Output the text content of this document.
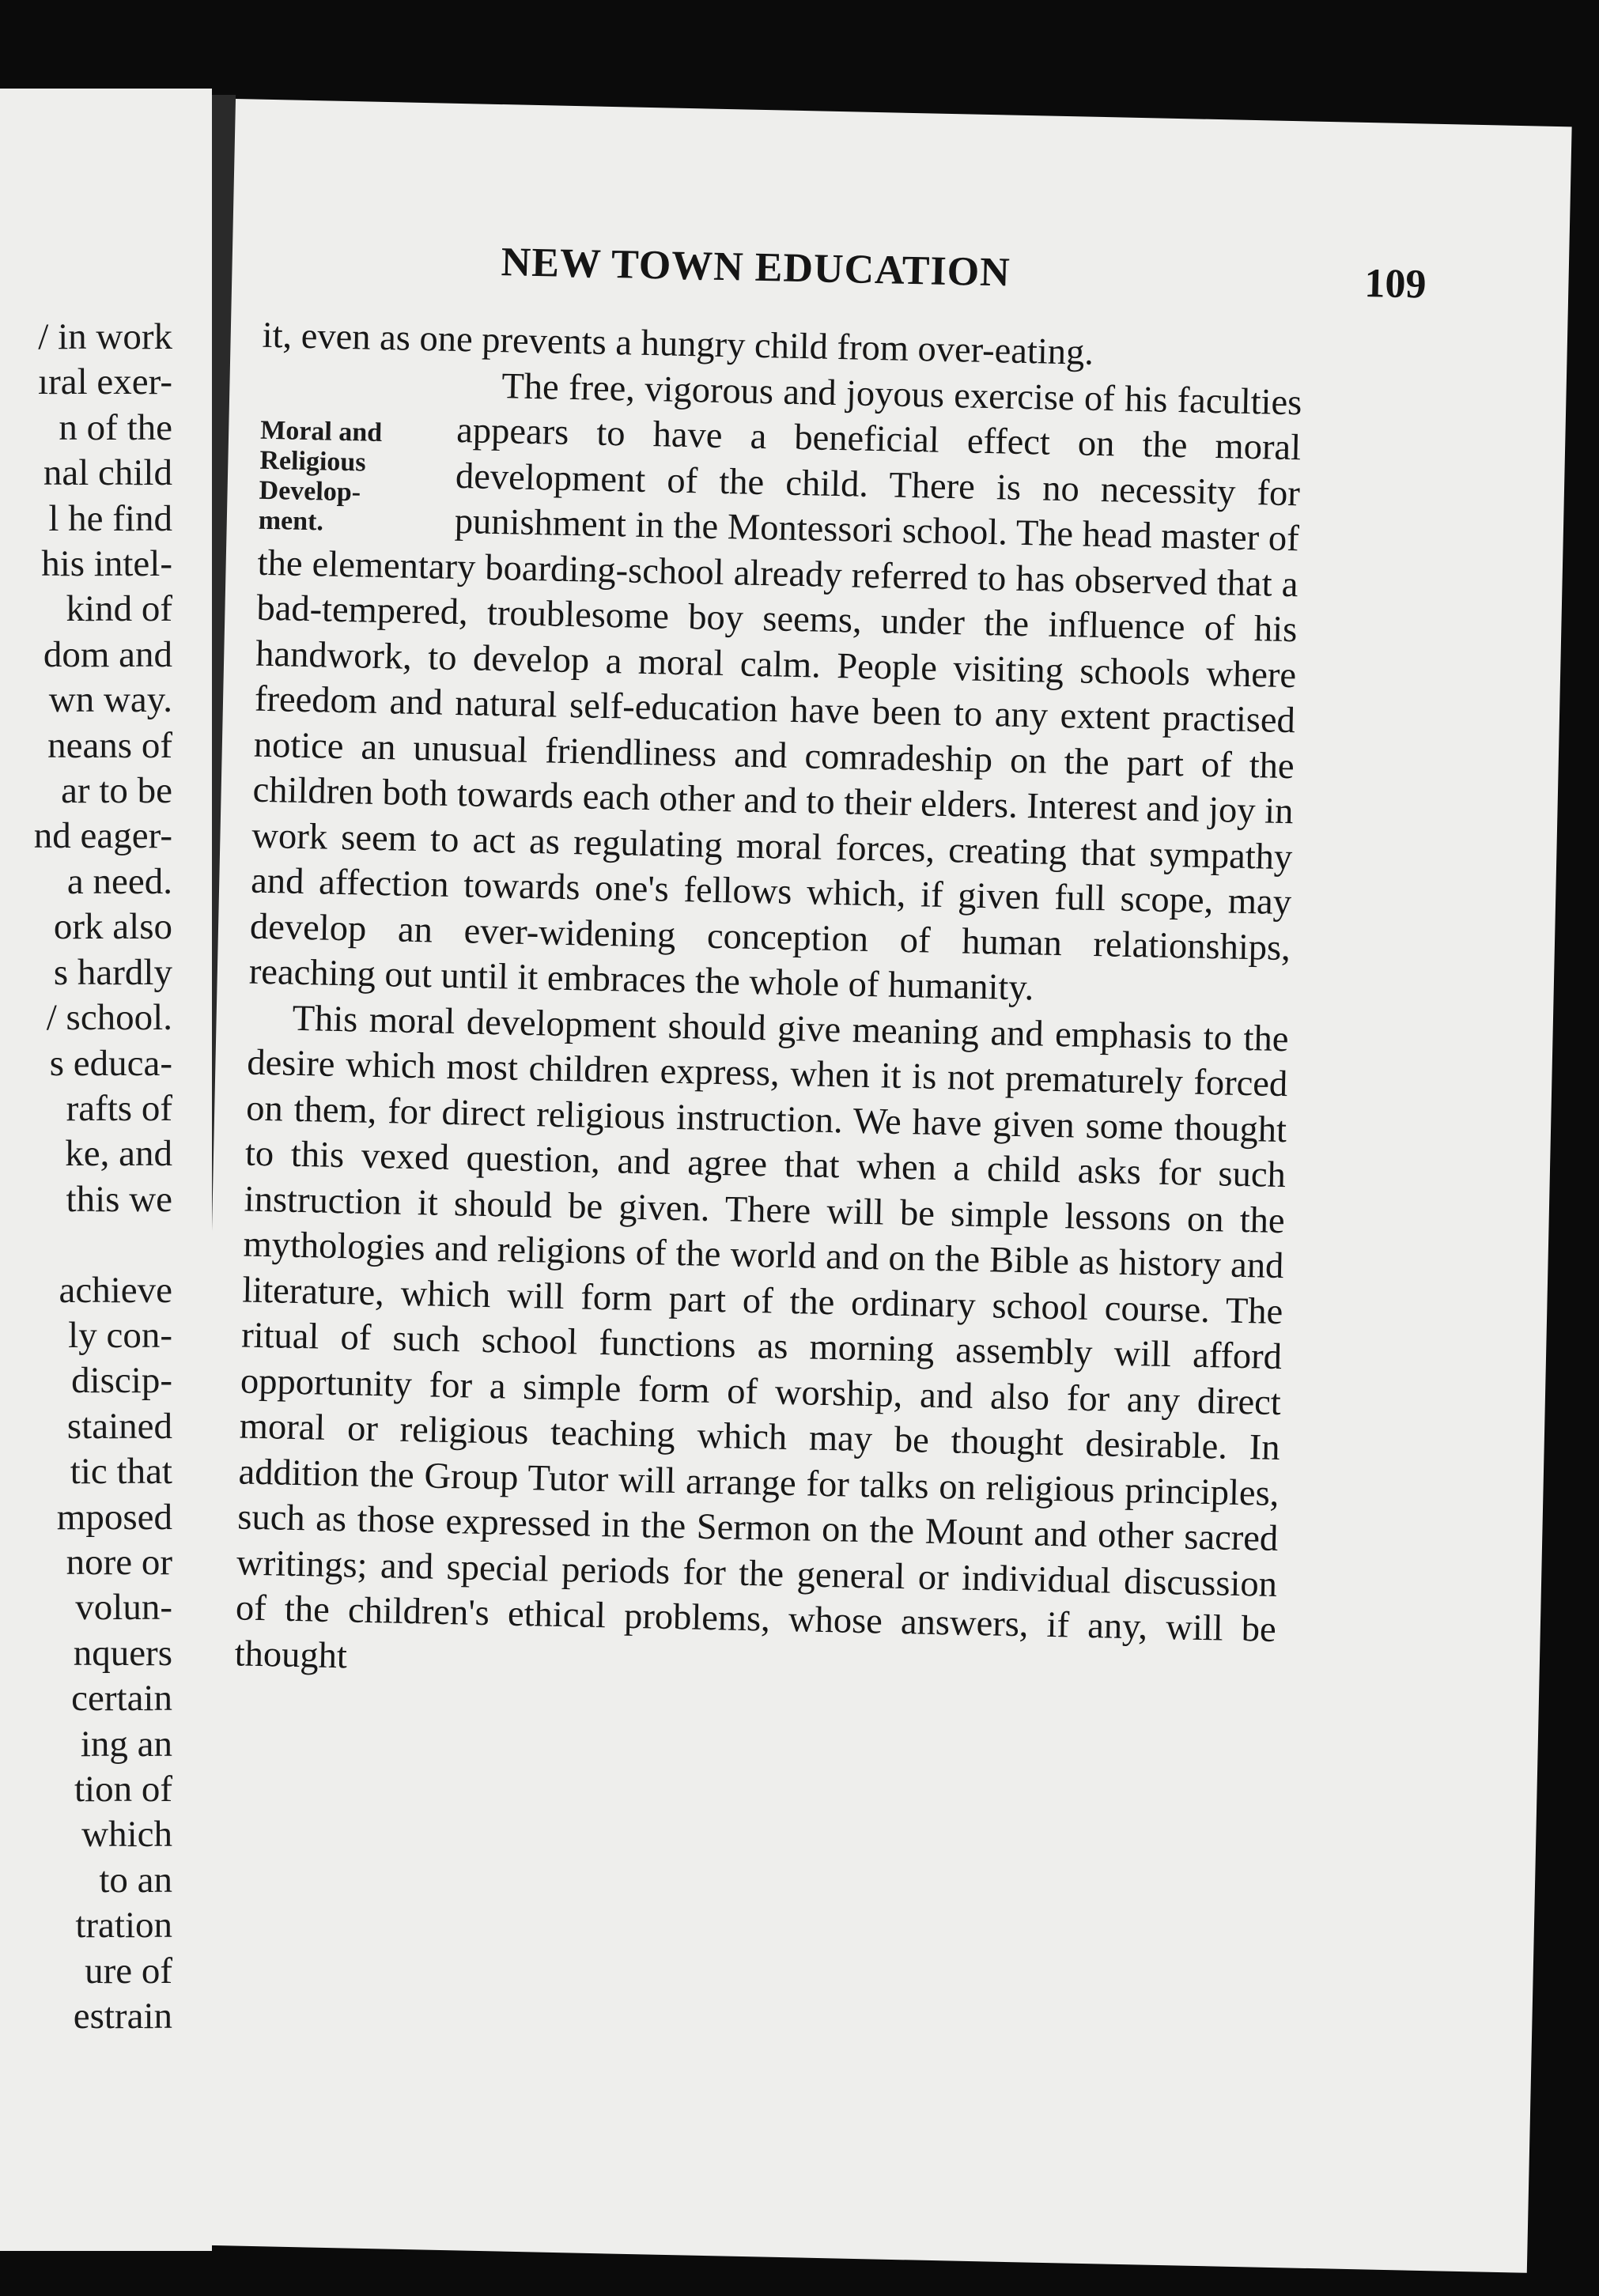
/ in work
ıral exer-
n of the
nal child
l he find
his intel-
kind of
dom and
wn way.
neans of
ar to be
nd eager-
a need.
ork also
s hardly
/ school.
s educa-
rafts of
ke, and
this we
achieve
ly con-
discip-
stained
tic that
mposed
nore or
volun-
nquers
certain
ing an
tion of
which
to an
tration
ure of
estrain
NEW TOWN EDUCATION	109
Moral and Religious Develop- ment.

it, even as one prevents a hungry child from over-eating.

The free, vigorous and joyous exercise of his faculties appears to have a beneficial effect on the moral development of the child. There is no necessity for punishment in the Montessori school. The head master of the elementary boarding-school already referred to has observed that a bad-tempered, troublesome boy seems, under the influence of his handwork, to develop a moral calm. People visiting schools where freedom and natural self-education have been to any extent practised notice an unusual friendliness and comradeship on the part of the children both towards each other and to their elders. Interest and joy in work seem to act as regulating moral forces, creating that sympathy and affection towards one's fellows which, if given full scope, may develop an ever-widening conception of human relationships, reaching out until it embraces the whole of humanity.

This moral development should give meaning and emphasis to the desire which most children express, when it is not prematurely forced on them, for direct religious instruction. We have given some thought to this vexed question, and agree that when a child asks for such instruction it should be given. There will be simple lessons on the mythologies and religions of the world and on the Bible as history and literature, which will form part of the ordinary school course. The ritual of such school functions as morning assembly will afford opportunity for a simple form of worship, and also for any direct moral or religious teaching which may be thought desirable. In addition the Group Tutor will arrange for talks on religious principles, such as those expressed in the Sermon on the Mount and other sacred writings; and special periods for the general or individual discussion of the children's ethical problems, whose answers, if any, will be thought
